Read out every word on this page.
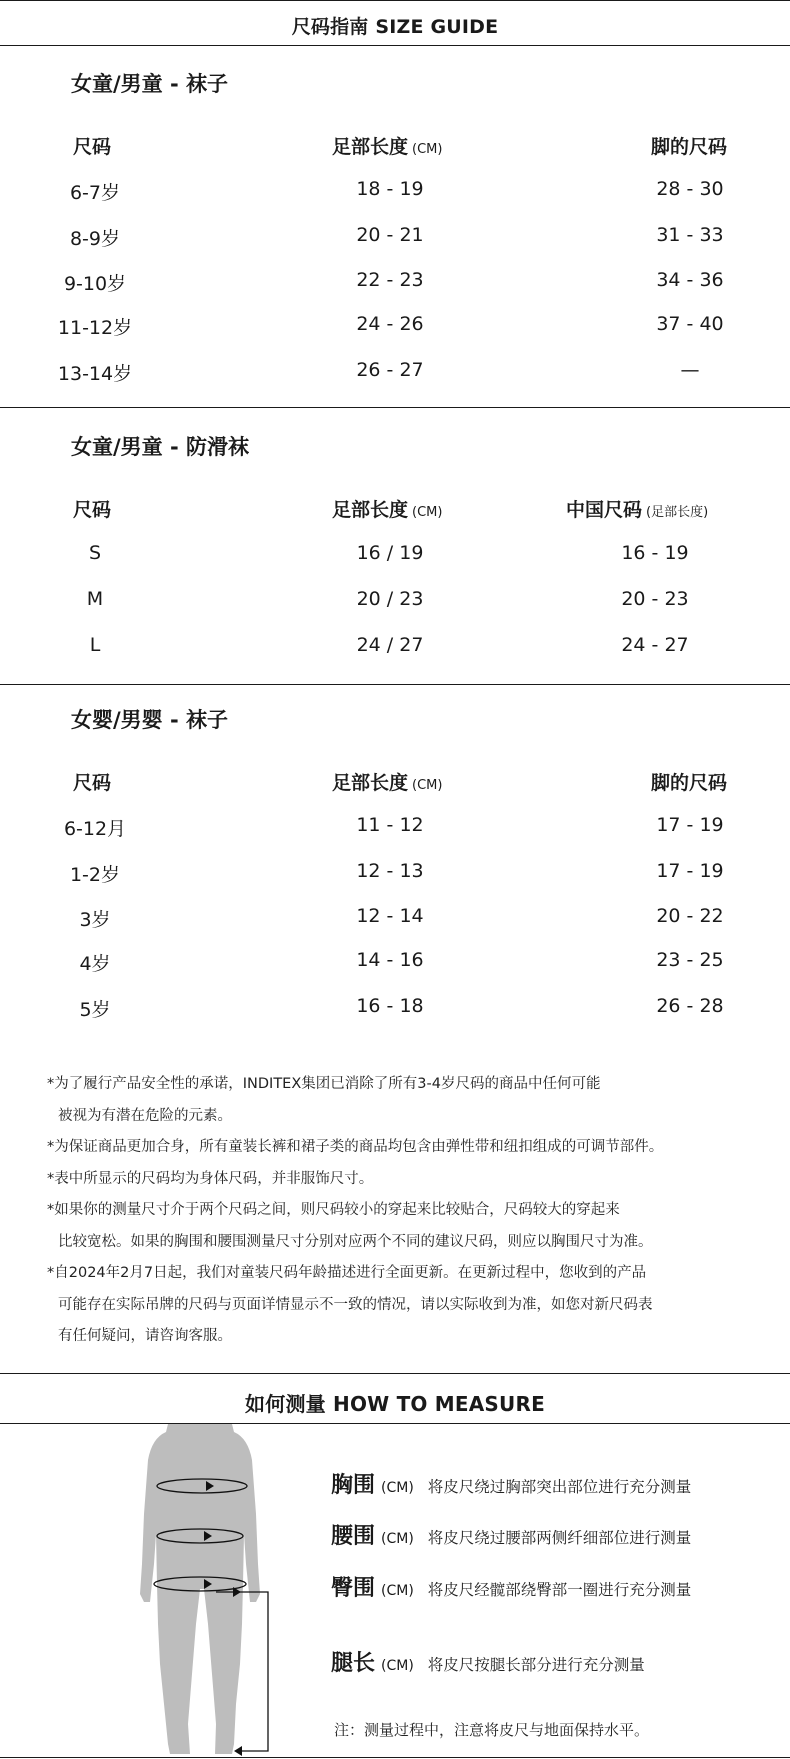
尺码指南 SIZE GUIDE
女童/男童 - 袜子
尺码	足部长度 (CM)	脚的尺码
6-7岁	18 - 19	28 - 30
8-9岁	20 - 21	31 - 33
9-10岁	22 - 23	34 - 36
11-12岁	24 - 26	37 - 40
13-14岁	26 - 27	—
女童/男童 - 防滑袜
尺码	足部长度 (CM)	中国尺码 (足部长度)
S	16 / 19	16 - 19
M	20 / 23	20 - 23
L	24 / 27	24 - 27
女婴/男婴 - 袜子
尺码	足部长度 (CM)	脚的尺码
6-12月	11 - 12	17 - 19
1-2岁	12 - 13	17 - 19
3岁	12 - 14	20 - 22
4岁	14 - 16	23 - 25
5岁	16 - 18	26 - 28
*为了履行产品安全性的承诺，INDITEX集团已消除了所有3-4岁尺码的商品中任何可能
被视为有潜在危险的元素。
*为保证商品更加合身，所有童装长裤和裙子类的商品均包含由弹性带和纽扣组成的可调节部件。
*表中所显示的尺码均为身体尺码，并非服饰尺寸。
*如果你的测量尺寸介于两个尺码之间，则尺码较小的穿起来比较贴合，尺码较大的穿起来
比较宽松。如果的胸围和腰围测量尺寸分别对应两个不同的建议尺码，则应以胸围尺寸为准。
*自2024年2月7日起，我们对童装尺码年龄描述进行全面更新。在更新过程中，您收到的产品
可能存在实际吊牌的尺码与页面详情显示不一致的情况，请以实际收到为准，如您对新尺码表
有任何疑问，请咨询客服。
如何测量 HOW TO MEASURE
胸围 (CM) 将皮尺绕过胸部突出部位进行充分测量
腰围 (CM) 将皮尺绕过腰部两侧纤细部位进行测量
臀围 (CM) 将皮尺经髋部绕臀部一圈进行充分测量
腿长 (CM) 将皮尺按腿长部分进行充分测量
注：测量过程中，注意将皮尺与地面保持水平。
